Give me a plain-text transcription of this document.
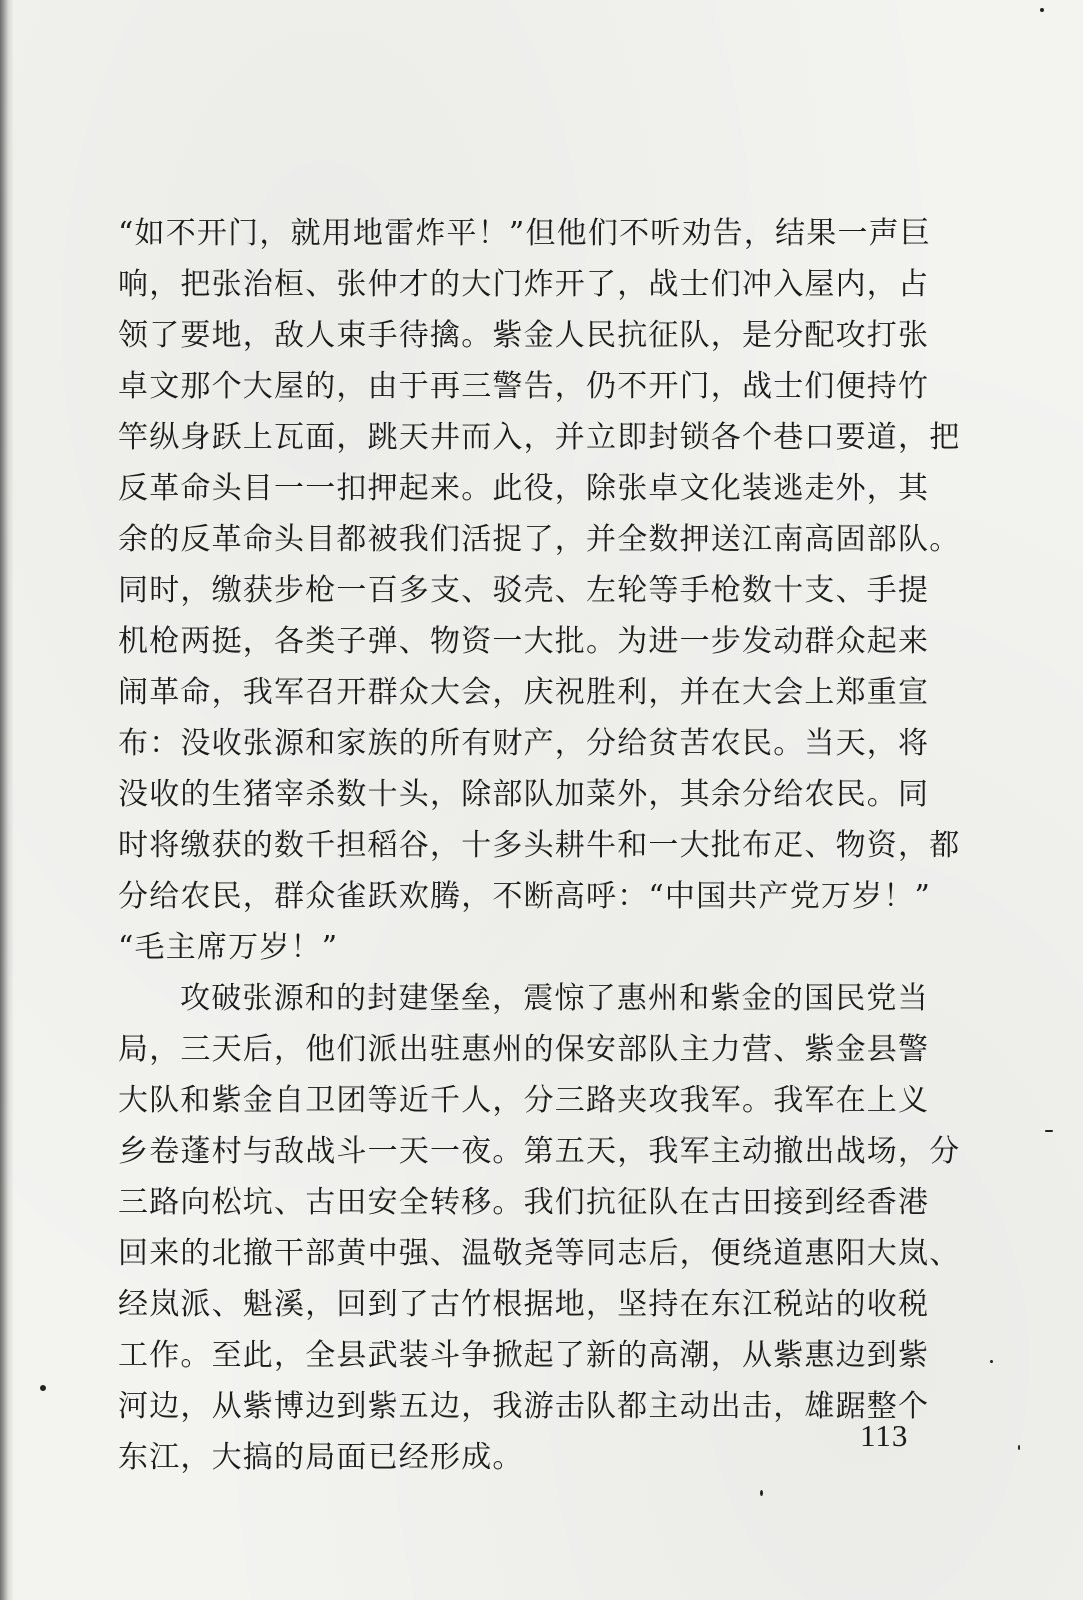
“如不开门，就用地雷炸平！”但他们不听劝告，结果一声巨
响，把张治桓、张仲才的大门炸开了，战士们冲入屋内，占
领了要地，敌人束手待擒。紫金人民抗征队，是分配攻打张
卓文那个大屋的，由于再三警告，仍不开门，战士们便持竹
竿纵身跃上瓦面，跳天井而入，并立即封锁各个巷口要道，把
反革命头目一一扣押起来。此役，除张卓文化装逃走外，其
余的反革命头目都被我们活捉了，并全数押送江南高固部队。
同时，缴获步枪一百多支、驳壳、左轮等手枪数十支、手提
机枪两挺，各类子弹、物资一大批。为进一步发动群众起来
闹革命，我军召开群众大会，庆祝胜利，并在大会上郑重宣
布：没收张源和家族的所有财产，分给贫苦农民。当天，将
没收的生猪宰杀数十头，除部队加菜外，其余分给农民。同
时将缴获的数千担稻谷，十多头耕牛和一大批布疋、物资，都
分给农民，群众雀跃欢腾，不断高呼：“中国共产党万岁！”
“毛主席万岁！”
攻破张源和的封建堡垒，震惊了惠州和紫金的国民党当
局，三天后，他们派出驻惠州的保安部队主力营、紫金县警
大队和紫金自卫团等近千人，分三路夹攻我军。我军在上义
乡卷蓬村与敌战斗一天一夜。第五天，我军主动撤出战场，分
三路向松坑、古田安全转移。我们抗征队在古田接到经香港
回来的北撤干部黄中强、温敬尧等同志后，便绕道惠阳大岚、
经岚派、魁溪，回到了古竹根据地，坚持在东江税站的收税
工作。至此，全县武装斗争掀起了新的高潮，从紫惠边到紫
河边，从紫博边到紫五边，我游击队都主动出击，雄踞整个
东江，大搞的局面已经形成。
113
